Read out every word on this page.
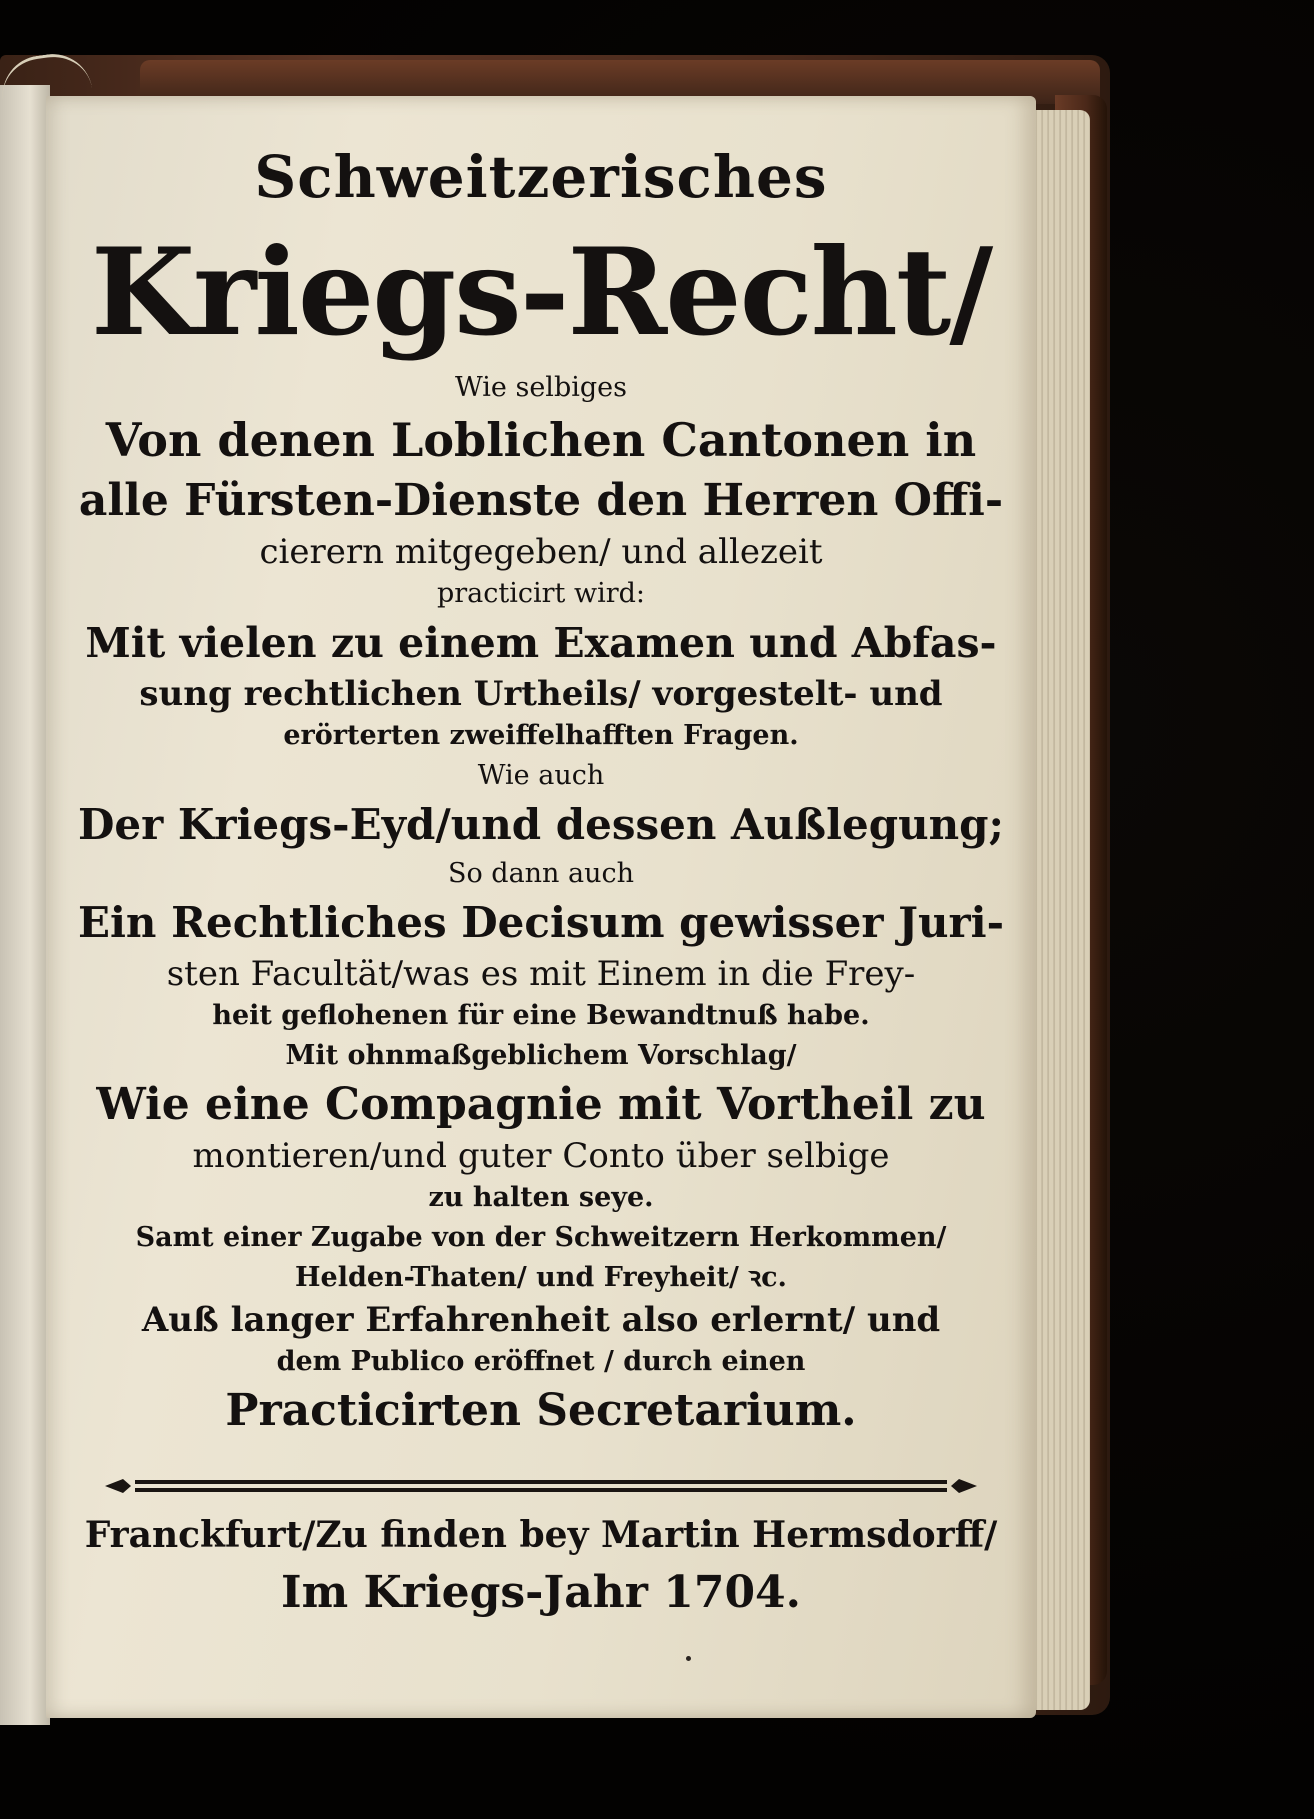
Schweitzerisches
Kriegs-Recht/
Wie selbiges
Von denen Loblichen Cantonen in
alle Fürsten-Dienste den Herren Offi-
cierern mitgegeben/ und allezeit
practicirt wird:
Mit vielen zu einem Examen und Abfas-
sung rechtlichen Urtheils/ vorgestelt- und
erörterten zweiffelhafften Fragen.
Wie auch
Der Kriegs-Eyd/und dessen Außlegung;
So dann auch
Ein Rechtliches Decisum gewisser Juri-
sten Facultät/was es mit Einem in die Frey-
heit geflohenen für eine Bewandtnuß habe.
Mit ohnmaßgeblichem Vorschlag/
Wie eine Compagnie mit Vortheil zu
montieren/und guter Conto über selbige
zu halten seye.
Samt einer Zugabe von der Schweitzern Herkommen/
Helden-Thaten/ und Freyheit/ ꝛc.
Auß langer Erfahrenheit also erlernt/ und
dem Publico eröffnet / durch einen
Practicirten Secretarium.
Franckfurt/Zu finden bey Martin Hermsdorff/
Im Kriegs-Jahr 1704.
